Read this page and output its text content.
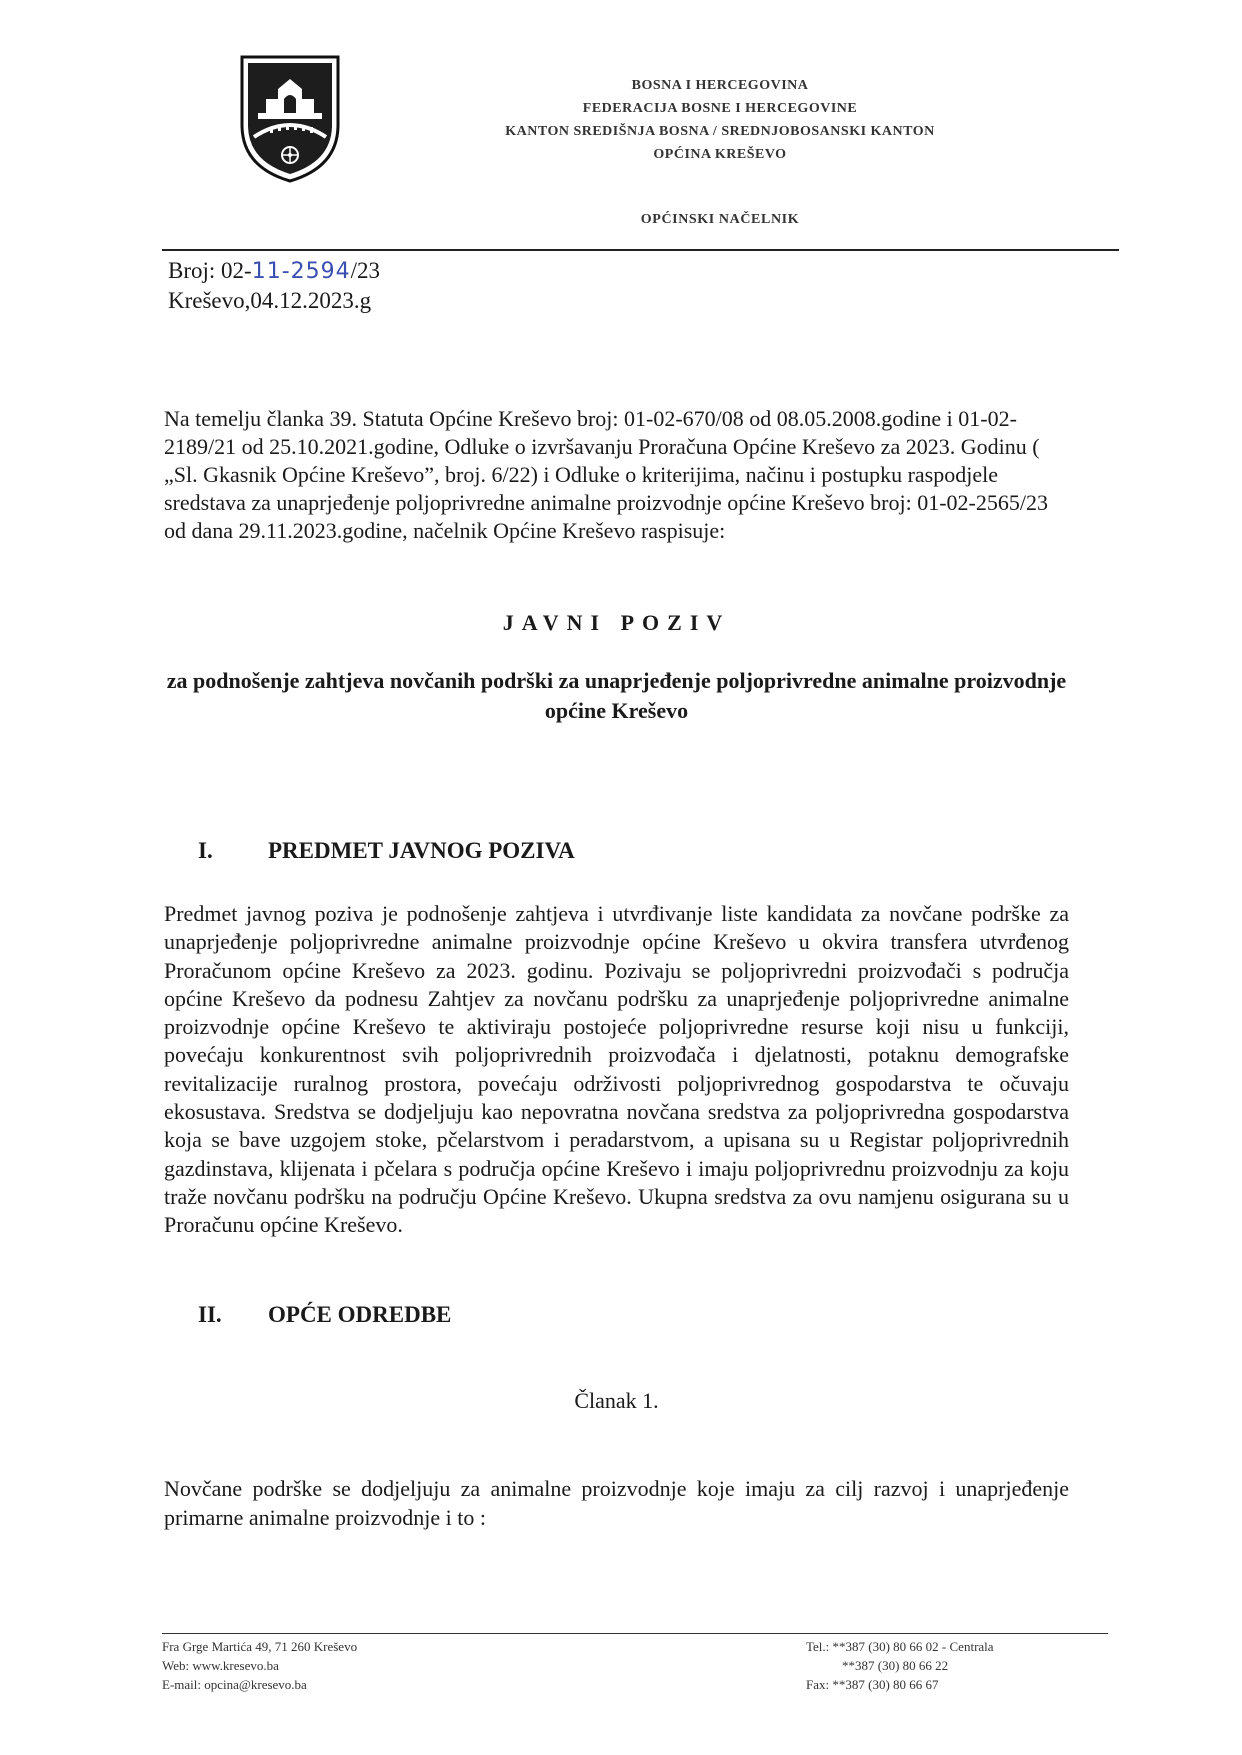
BOSNA I HERCEGOVINA
FEDERACIJA BOSNE I HERCEGOVINE
KANTON SREDIŠNJA BOSNA / SREDNJOBOSANSKI KANTON
OPĆINA KREŠEVO
OPĆINSKI NAČELNIK
Broj: 02-11-2594/23
Kreševo,04.12.2023.g
Na temelju članka 39. Statuta Općine Kreševo broj: 01-02-670/08 od 08.05.2008.godine i 01-02-2189/21 od 25.10.2021.godine, Odluke o izvršavanju Proračuna Općine Kreševo za 2023. Godinu ( „Sl. Gkasnik Općine Kreševo”, broj. 6/22) i Odluke o kriterijima, načinu i postupku raspodjele sredstava za unaprjeđenje poljoprivredne animalne proizvodnje općine Kreševo broj: 01-02-2565/23 od dana 29.11.2023.godine, načelnik Općine Kreševo raspisuje:
JAVNI POZIV
za podnošenje zahtjeva novčanih podrški za unaprjeđenje poljoprivredne animalne proizvodnje općine Kreševo
I. PREDMET JAVNOG POZIVA
Predmet javnog poziva je podnošenje zahtjeva i utvrđivanje liste kandidata za novčane podrške za unaprjeđenje poljoprivredne animalne proizvodnje općine Kreševo u okvira transfera utvrđenog Proračunom općine Kreševo za 2023. godinu. Pozivaju se poljoprivredni proizvođači s područja općine Kreševo da podnesu Zahtjev za novčanu podršku za unaprjeđenje poljoprivredne animalne proizvodnje općine Kreševo te aktiviraju postojeće poljoprivredne resurse koji nisu u funkciji, povećaju konkurentnost svih poljoprivrednih proizvođača i djelatnosti, potaknu demografske revitalizacije ruralnog prostora, povećaju održivosti poljoprivrednog gospodarstva te očuvaju ekosustava. Sredstva se dodjeljuju kao nepovratna novčana sredstva za poljoprivredna gospodarstva koja se bave uzgojem stoke, pčelarstvom i peradarstvom, a upisana su u Registar poljoprivrednih gazdinstava, klijenata i pčelara s područja općine Kreševo i imaju poljoprivrednu proizvodnju za koju traže novčanu podršku na području Općine Kreševo. Ukupna sredstva za ovu namjenu osigurana su u Proračunu općine Kreševo.
II. OPĆE ODREDBE
Članak 1.
Novčane podrške se dodjeljuju za animalne proizvodnje koje imaju za cilj razvoj i unaprjeđenje primarne animalne proizvodnje i to :
Fra Grge Martića 49, 71 260 Kreševo
Web: www.kresevo.ba
E-mail: opcina@kresevo.ba
Tel.: **387 (30) 80 66 02 - Centrala
**387 (30) 80 66 22
Fax: **387 (30) 80 66 67
